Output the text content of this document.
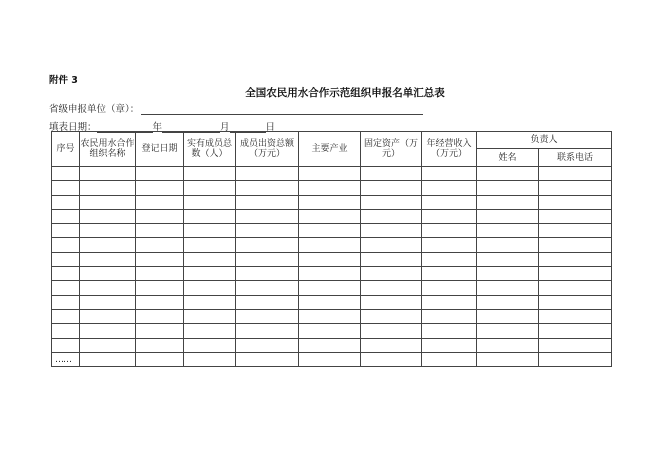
附件 3
全国农民用水合作示范组织申报名单汇总表
省级申报单位（章）：
填表日期：	年	月	日
序号	农民用水合作组织名称	登记日期	实有成员总数（人）	成员出资总额（万元）	主要产业	固定资产（万元）	年经营收入（万元）	负责人	
								姓名	联系电话

……									
